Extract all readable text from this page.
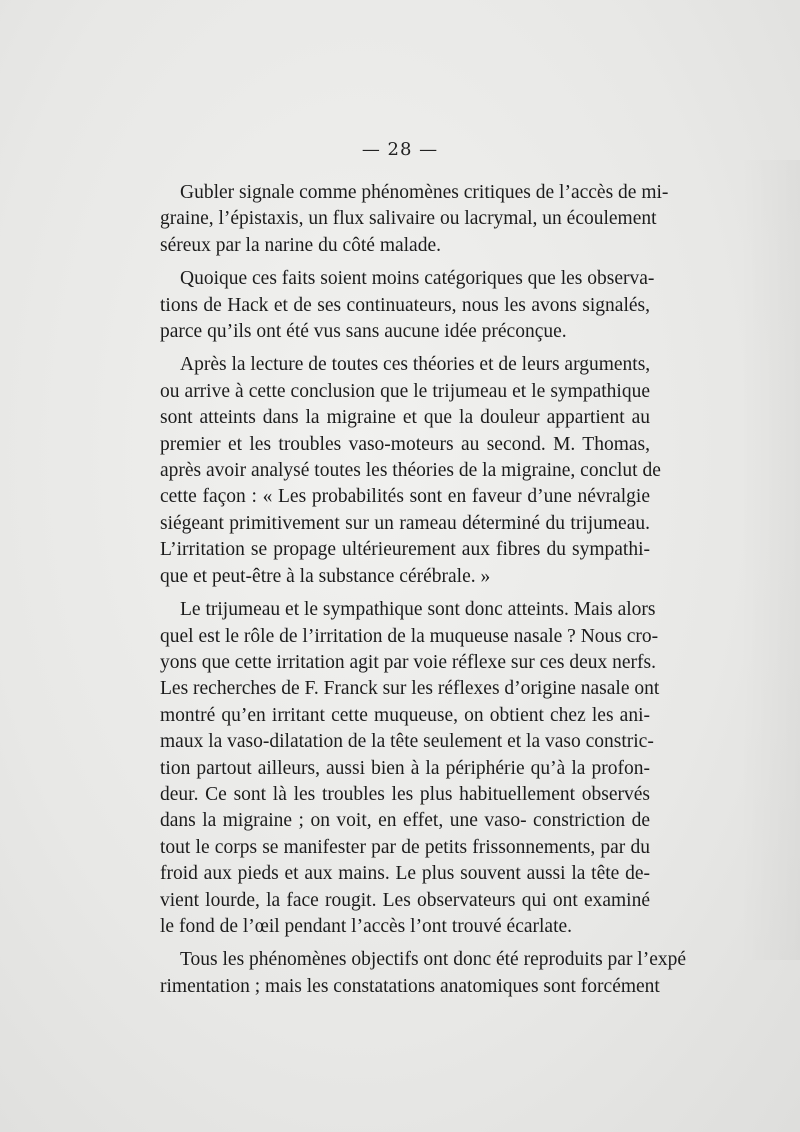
— 28 —

Gubler signale comme phénomènes critiques de l’accès de mi-
graine, l’épistaxis, un flux salivaire ou lacrymal, un écoulement
séreux par la narine du côté malade.

Quoique ces faits soient moins catégoriques que les observa-
tions de Hack et de ses continuateurs, nous les avons signalés,
parce qu’ils ont été vus sans aucune idée préconçue.

Après la lecture de toutes ces théories et de leurs arguments,
ou arrive à cette conclusion que le trijumeau et le sympathique
sont atteints dans la migraine et que la douleur appartient au
premier et les troubles vaso-moteurs au second. M. Thomas,
après avoir analysé toutes les théories de la migraine, conclut de
cette façon : « Les probabilités sont en faveur d’une névralgie
siégeant primitivement sur un rameau déterminé du trijumeau.
L’irritation se propage ultérieurement aux fibres du sympathi-
que et peut-être à la substance cérébrale. »

Le trijumeau et le sympathique sont donc atteints. Mais alors
quel est le rôle de l’irritation de la muqueuse nasale ? Nous cro-
yons que cette irritation agit par voie réflexe sur ces deux nerfs.
Les recherches de F. Franck sur les réflexes d’origine nasale ont
montré qu’en irritant cette muqueuse, on obtient chez les ani-
maux la vaso-dilatation de la tête seulement et la vaso constric-
tion partout ailleurs, aussi bien à la périphérie qu’à la profon-
deur. Ce sont là les troubles les plus habituellement observés
dans la migraine ; on voit, en effet, une vaso- constriction de
tout le corps se manifester par de petits frissonnements, par du
froid aux pieds et aux mains. Le plus souvent aussi la tête de-
vient lourde, la face rougit. Les observateurs qui ont examiné
le fond de l’œil pendant l’accès l’ont trouvé écarlate.

Tous les phénomènes objectifs ont donc été reproduits par l’expé
rimentation ; mais les constatations anatomiques sont forcément
